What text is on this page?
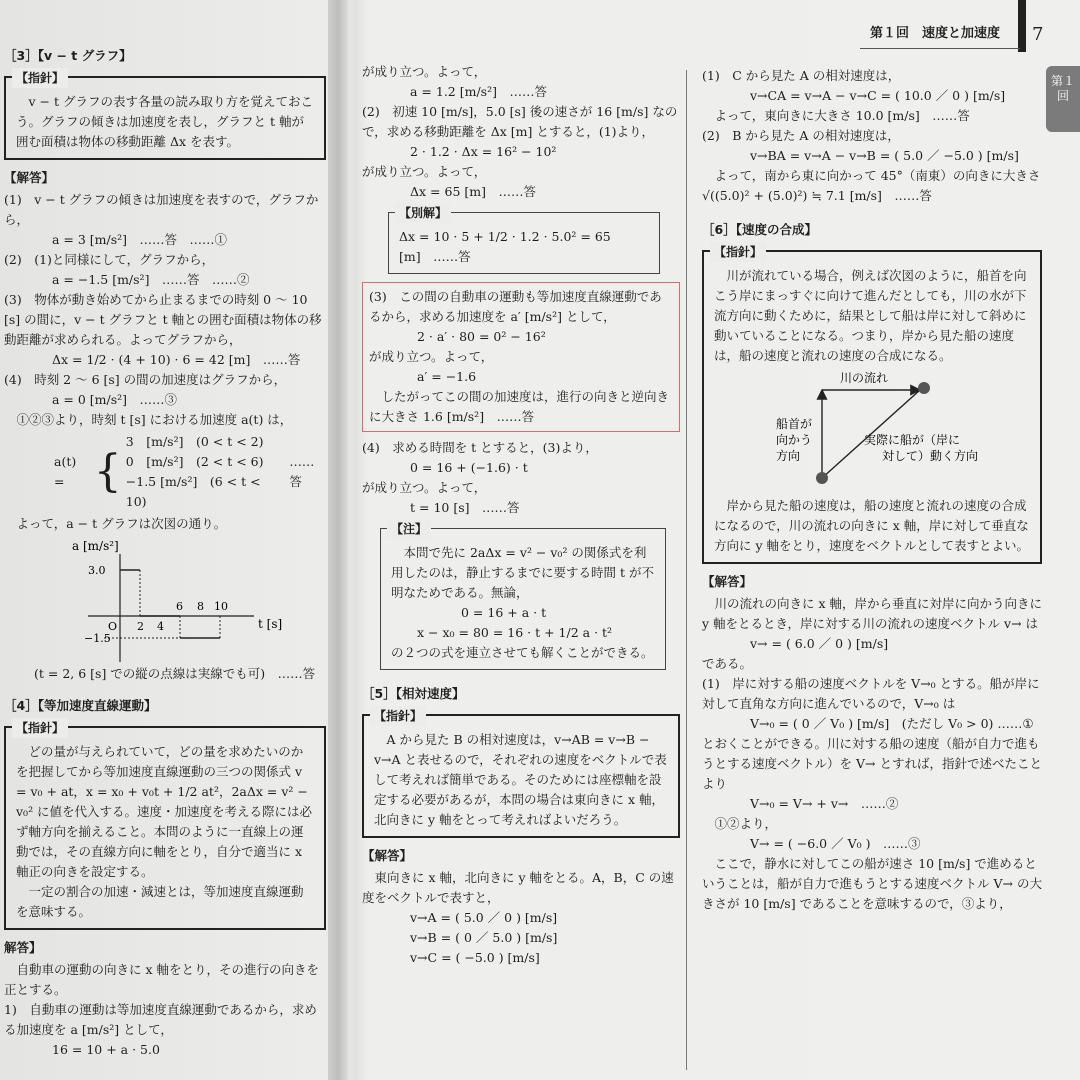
第１回　速度と加速度 7
第１回
［3］【v − t グラフ】
【指針】

v − t グラフの表す各量の読み取り方を覚えておこう。グラフの傾きは加速度を表し，グラフと t 軸が囲む面積は物体の移動距離 Δx を表す。

【解答】

(1)　v − t グラフの傾きは加速度を表すので，グラフから，

a = 3 [m/s²]　……答　……①

(2)　(1)と同様にして，グラフから，

a = −1.5 [m/s²]　……答　……②

(3)　物体が動き始めてから止まるまでの時刻 0 〜 10 [s] の間に，v − t グラフと t 軸との囲む面積は物体の移動距離が求められる。よってグラフから，

Δx = 1/2 · (4 + 10) · 6 = 42 [m]　……答

(4)　時刻 2 〜 6 [s] の間の加速度はグラフから，

a = 0 [m/s²]　……③

①②③より，時刻 t [s] における加速度 a(t) は，

a(t) = {
3　[m/s²]　(0 < t < 2)
0　[m/s²]　(2 < t < 6)
−1.5 [m/s²]　(6 < t < 10)
……答

よって，a − t グラフは次図の通り。

a [m/s²]
t [s]
3.0
−1.5
O 2 4
6 8 10

(t = 2, 6 [s] での縦の点線は実線でも可)　……答

［4］【等加速度直線運動】
【指針】

どの量が与えられていて，どの量を求めたいのかを把握してから等加速度直線運動の三つの関係式 v = v₀ + at，x = x₀ + v₀t + 1/2 at²，2aΔx = v² − v₀² に値を代入する。速度・加速度を考える際には必ず軸方向を揃えること。本問のように一直線上の運動では，その直線方向に軸をとり，自分で適当に x 軸正の向きを設定する。

一定の割合の加速・減速とは，等加速度直線運動を意味する。

解答】

自動車の運動の向きに x 軸をとり，その進行の向きを正とする。

1)　自動車の運動は等加速度直線運動であるから，求める加速度を a [m/s²] として，

16 = 10 + a · 5.0

が成り立つ。よって，

a = 1.2 [m/s²]　……答

(2)　初速 10 [m/s]，5.0 [s] 後の速さが 16 [m/s] なので，求める移動距離を Δx [m] とすると，(1)より，

2 · 1.2 · Δx = 16² − 10²

が成り立つ。よって，

Δx = 65 [m]　……答

【別解】

Δx = 10 · 5 + 1/2 · 1.2 · 5.0² = 65 [m]　……答

(3)　この間の自動車の運動も等加速度直線運動であるから，求める加速度を a′ [m/s²] として，

2 · a′ · 80 = 0² − 16²

が成り立つ。よって，

a′ = −1.6

したがってこの間の加速度は，進行の向きと逆向きに大きさ 1.6 [m/s²]　……答

(4)　求める時間を t とすると，(3)より，

0 = 16 + (−1.6) · t

が成り立つ。よって，

t = 10 [s]　……答

【注】

本問で先に 2aΔx = v² − v₀² の関係式を利用したのは，静止するまでに要する時間 t が不明なためである。無論，

0 = 16 + a · t

x − x₀ = 80 = 16 · t + 1/2 a · t²

の２つの式を連立させても解くことができる。

［5］【相対速度】
【指針】

A から見た B の相対速度は，v→AB = v→B − v→A と表せるので，それぞれの速度をベクトルで表して考えれば簡単である。そのためには座標軸を設定する必要があるが，本問の場合は東向きに x 軸，北向きに y 軸をとって考えればよいだろう。

【解答】

東向きに x 軸，北向きに y 軸をとる。A，B，C の速度をベクトルで表すと，

v→A = ( 5.0 ／ 0 ) [m/s]

v→B = ( 0 ／ 5.0 ) [m/s]

v→C = ( −5.0 ) [m/s]

(1)　C から見た A の相対速度は，

v→CA = v→A − v→C = ( 10.0 ／ 0 ) [m/s]

よって，東向きに大きさ 10.0 [m/s]　……答

(2)　B から見た A の相対速度は，

v→BA = v→A − v→B = ( 5.0 ／ −5.0 ) [m/s]

よって，南から東に向かって 45°（南東）の向きに大きさ √((5.0)² + (5.0)²) ≒ 7.1 [m/s]　……答

［6］【速度の合成】
【指針】

川が流れている場合，例えば次図のように，船首を向こう岸にまっすぐに向けて進んだとしても，川の水が下流方向に動くために，結果として船は岸に対して斜めに動いていることになる。つまり，岸から見た船の速度は，船の速度と流れの速度の合成になる。

川の流れ
船首が
向かう
方向
実際に船が（岸に
対して）動く方向

岸から見た船の速度は，船の速度と流れの速度の合成になるので，川の流れの向きに x 軸，岸に対して垂直な方向に y 軸をとり，速度をベクトルとして表すとよい。

【解答】

川の流れの向きに x 軸，岸から垂直に対岸に向かう向きに y 軸をとるとき，岸に対する川の流れの速度ベクトル v→ は

v→ = ( 6.0 ／ 0 ) [m/s]

である。

(1)　岸に対する船の速度ベクトルを V→₀ とする。船が岸に対して直角な方向に進んでいるので，V→₀ は

V→₀ = ( 0 ／ V₀ ) [m/s]　(ただし V₀ > 0) ……①

とおくことができる。川に対する船の速度（船が自力で進もうとする速度ベクトル）を V→ とすれば，指針で述べたことより

V→₀ = V→ + v→　……②

①②より，

V→ = ( −6.0 ／ V₀ )　……③

ここで，静水に対してこの船が速さ 10 [m/s] で進めるということは，船が自力で進もうとする速度ベクトル V→ の大きさが 10 [m/s] であることを意味するので，③より，
